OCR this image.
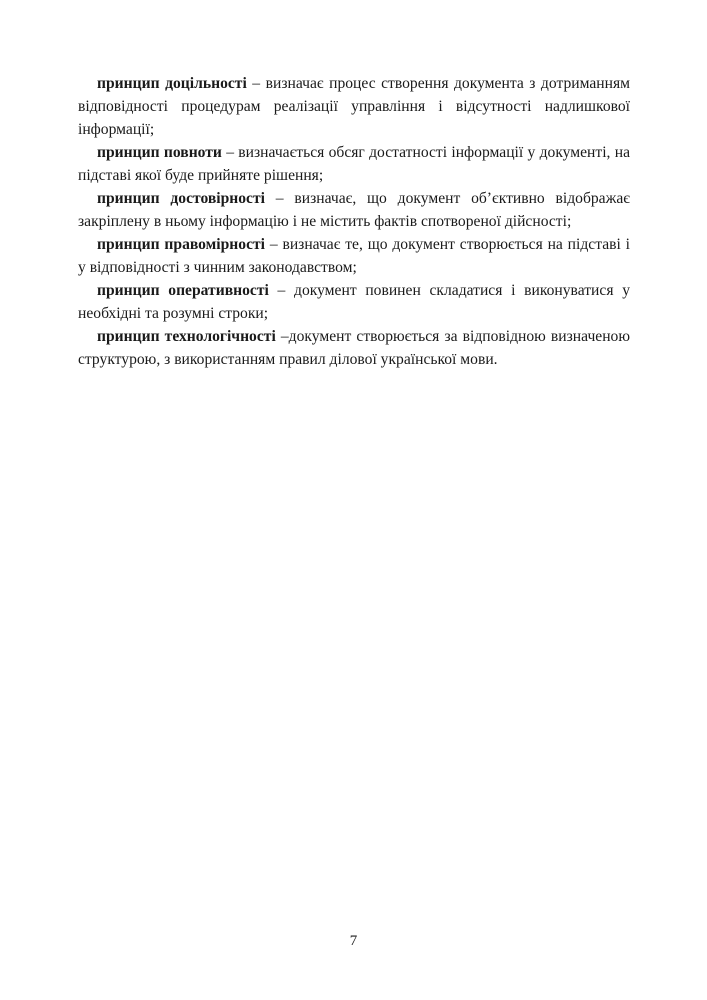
принцип доцільності – визначає процес створення документа з дотриманням відповідності процедурам реалізації управління і відсутності надлишкової інформації;

принцип повноти – визначається обсяг достатності інформації у документі, на підставі якої буде прийняте рішення;

принцип достовірності – визначає, що документ об’єктивно відображає закріплену в ньому інформацію і не містить фактів спотвореної дійсності;

принцип правомірності – визначає те, що документ створюється на підставі і у відповідності з чинним законодавством;

принцип оперативності – документ повинен складатися і виконуватися у необхідні та розумні строки;

принцип технологічності –документ створюється за відповідною визначеною структурою, з використанням правил ділової української мови.

7
